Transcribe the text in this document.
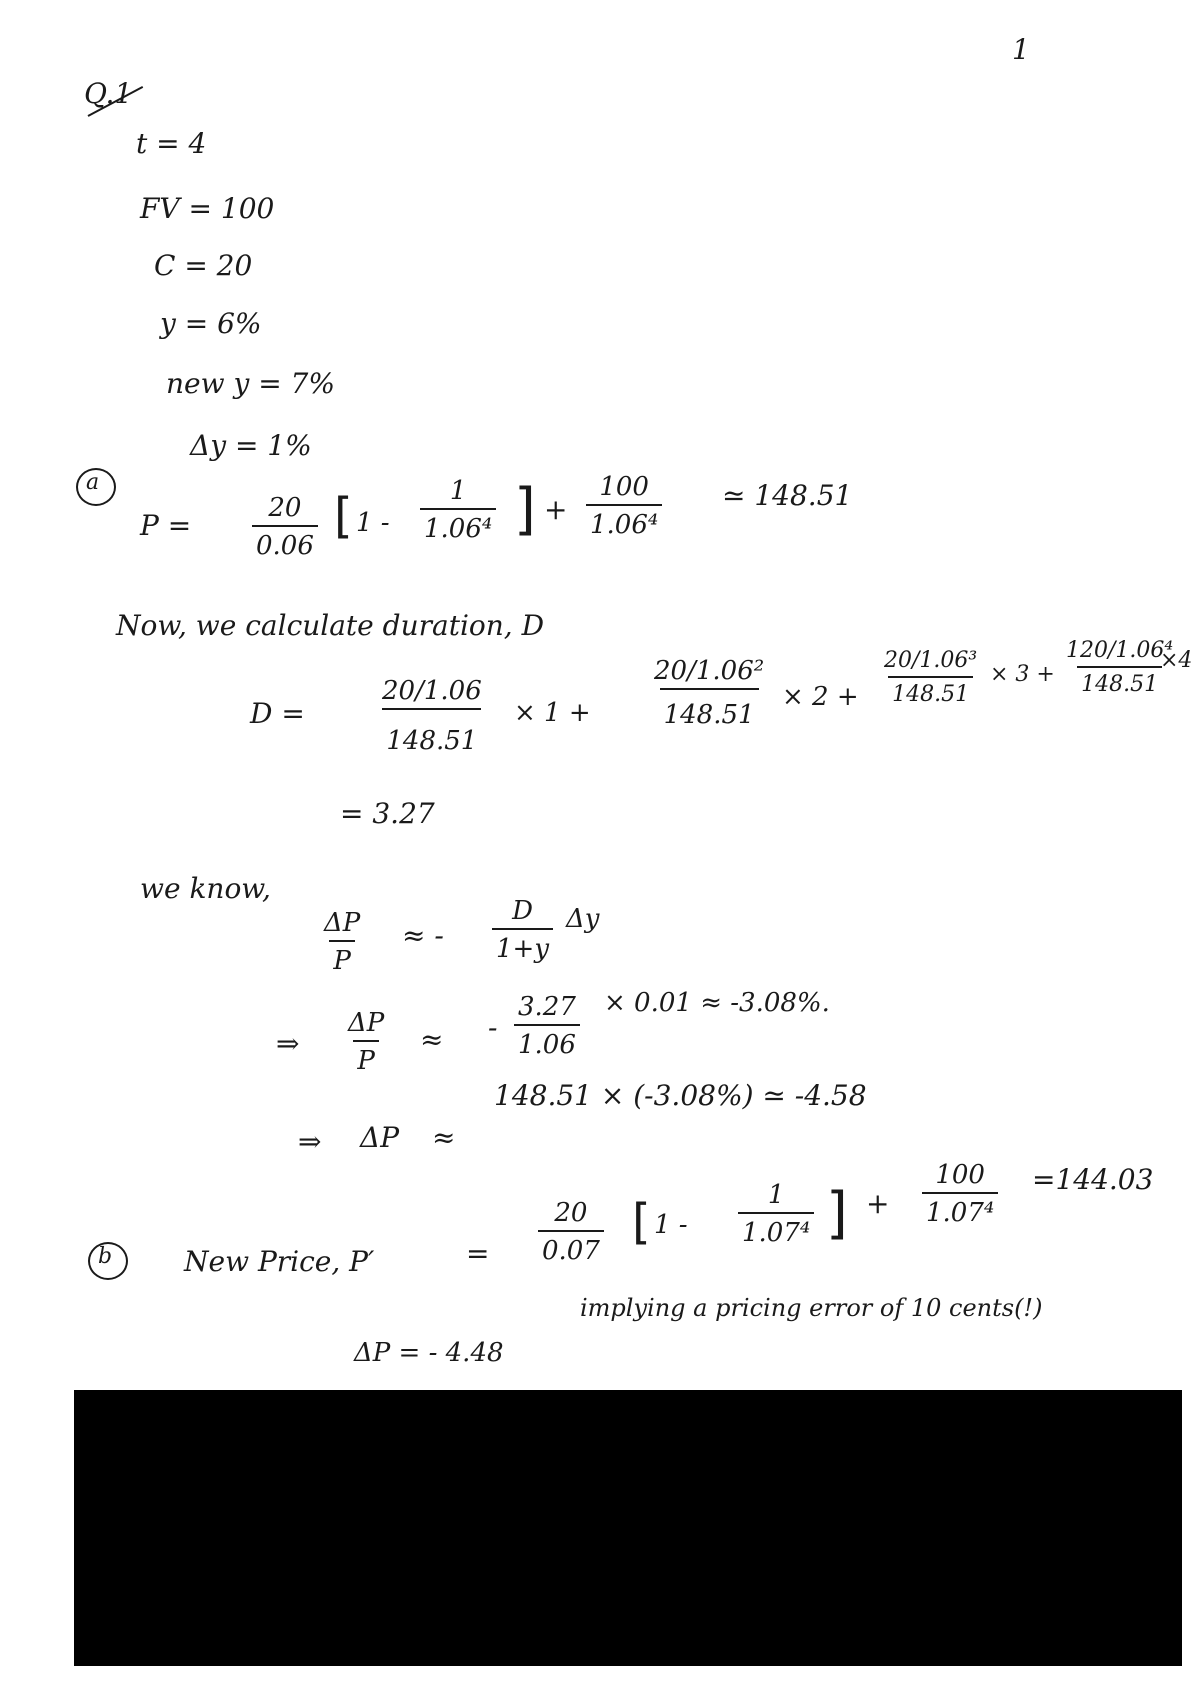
1
Q.1
t = 4
FV = 100
C = 20
y = 6%
new y = 7%
Δy = 1%
a
$P = \frac{20}{0.06}$ [ $1 - \frac{1}{\text{1.06⁴}}$ ] + $\frac{100}{\text{1.06⁴}}$ ≃ 148.51
Now, we calculate duration, D
D =	$\frac{20/1.06}{148.51} \times 1 + \frac{\text{20/1.06²}}{148.51} \times 2 + \frac{\text{20/1.06³}}{148.51} \times 3 + \frac{\text{120/1.06⁴}}{148.51}$
×4
= 3.27
we know,
$\frac{\Delta P}{P}$ ≈ - $\frac{D}{1+y}$ Δy
⇒ $\frac{\Delta P}{P}$ ≈ - $\frac{3.27}{1.06} \times 0.01 \approx -3.08\%$.
⇒ ΔP ≈
148.51 × (-3.08%) ≃ -4.58
b	New Price, P′	= $\frac{20}{0.07}$ [ $1 - \frac{1}{\text{1.07⁴}}$ ] + $\frac{100}{\text{1.07⁴}} =144.03$
ΔP = - 4.48
implying a pricing error of 10 cents(!)
